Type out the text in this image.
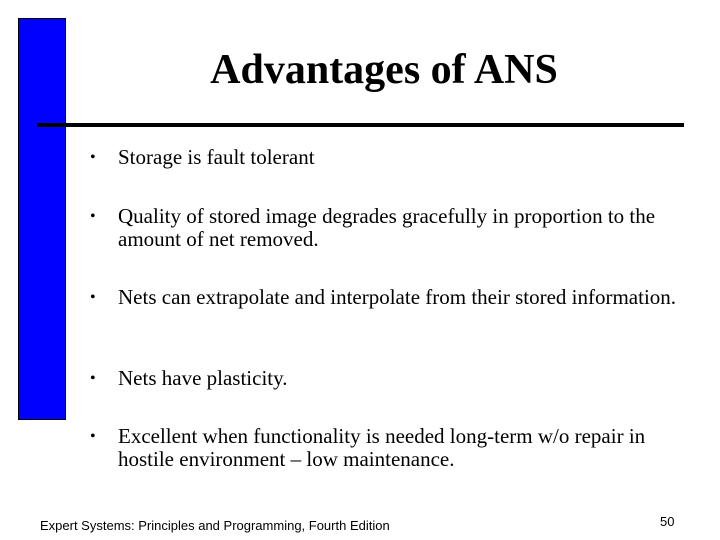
Advantages of ANS
•	Storage is fault tolerant
•	Quality of stored image degrades gracefully in proportion to the amount of net removed.
•	Nets can extrapolate and interpolate from their stored information.
•	Nets have plasticity.
•	Excellent when functionality is needed long-term w/o repair in hostile environment – low maintenance.
Expert Systems: Principles and Programming, Fourth Edition	50
